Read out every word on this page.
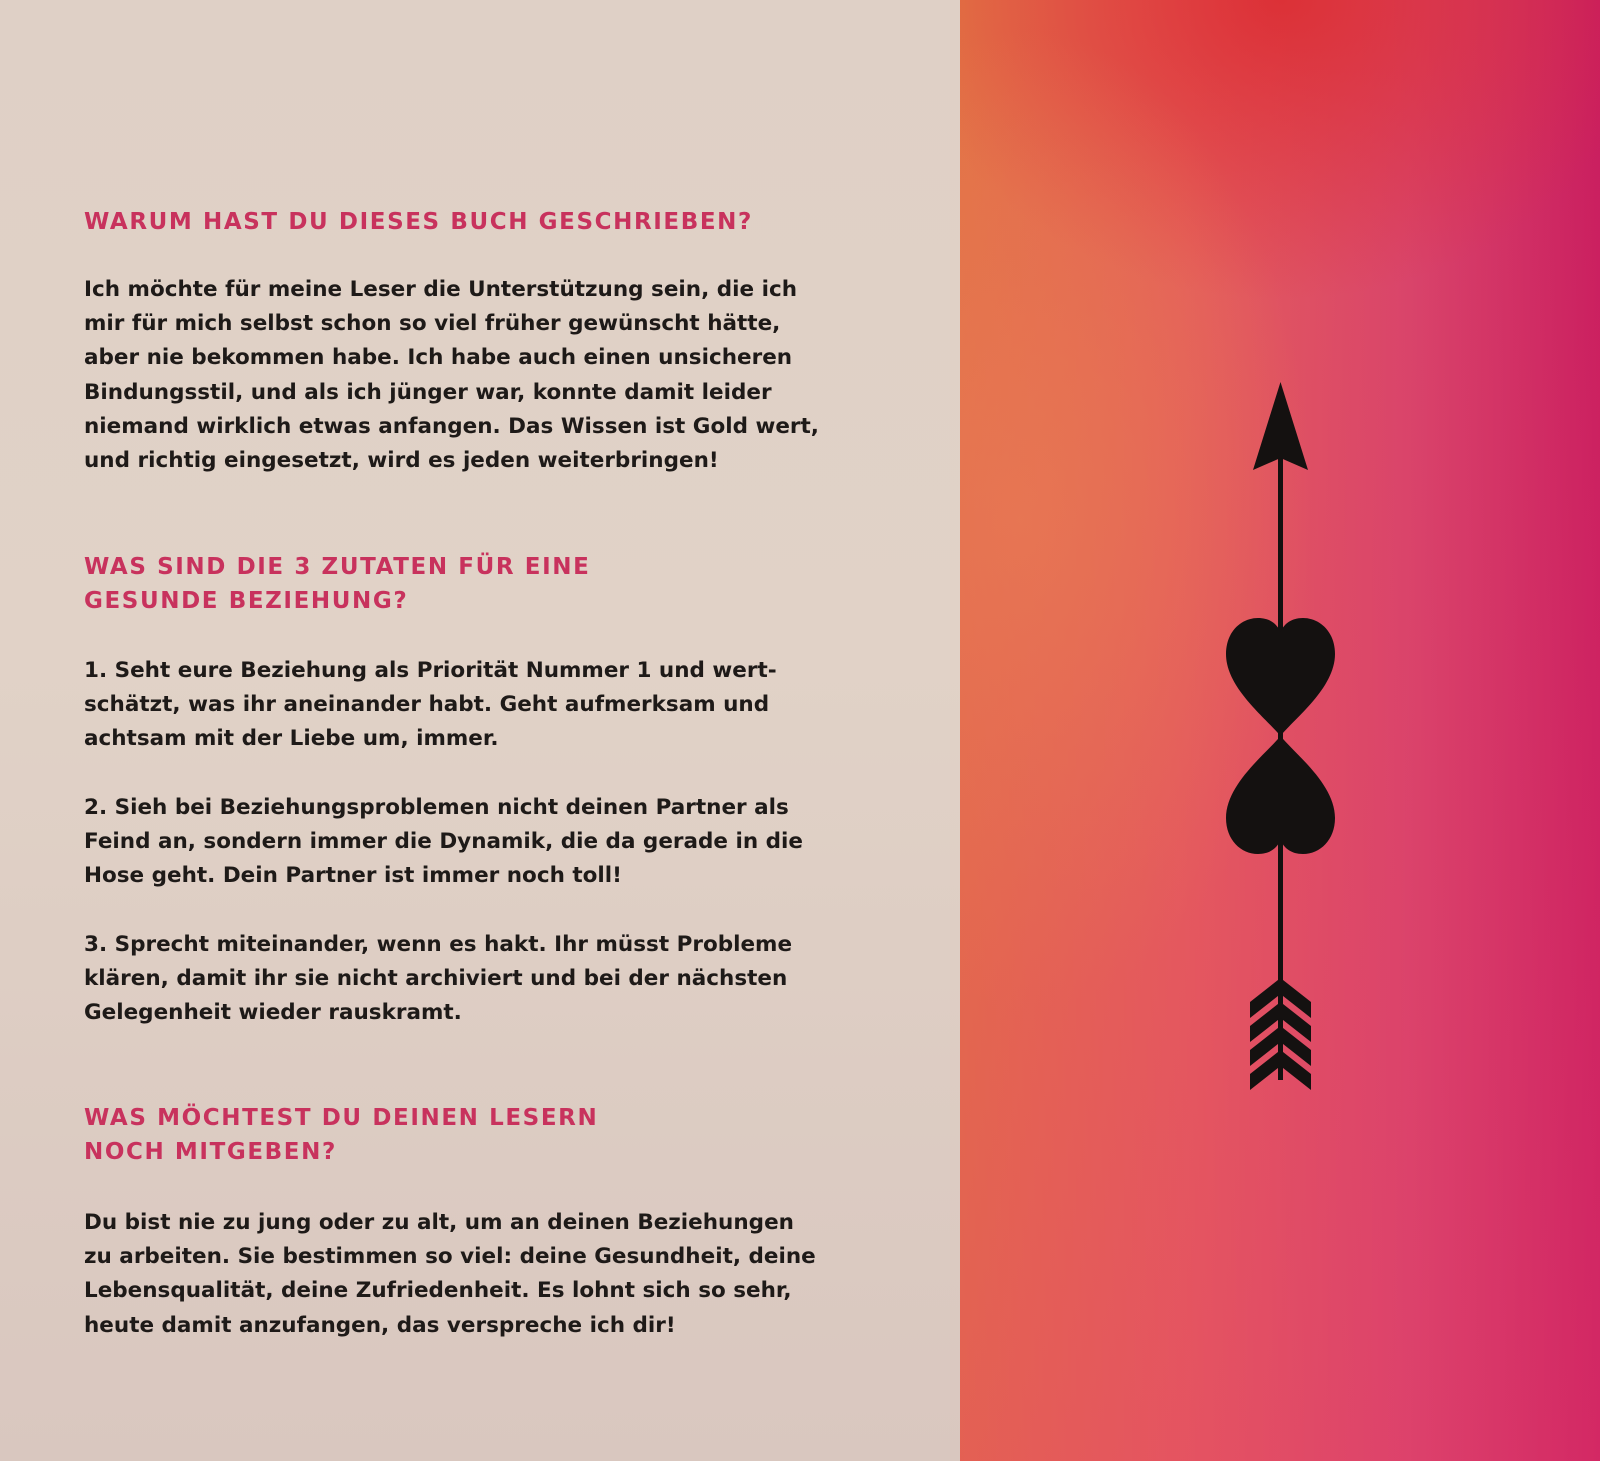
WARUM HAST DU DIESES BUCH GESCHRIEBEN?

Ich möchte für meine Leser die Unterstützung sein, die ich
mir für mich selbst schon so viel früher gewünscht hätte,
aber nie bekommen habe. Ich habe auch einen unsicheren
Bindungsstil, und als ich jünger war, konnte damit leider
niemand wirklich etwas anfangen. Das Wissen ist Gold wert,
und richtig eingesetzt, wird es jeden weiterbringen!

WAS SIND DIE 3 ZUTATEN FÜR EINE
GESUNDE BEZIEHUNG?

1. Seht eure Beziehung als Priorität Nummer 1 und wert-
schätzt, was ihr aneinander habt. Geht aufmerksam und
achtsam mit der Liebe um, immer.

2. Sieh bei Beziehungsproblemen nicht deinen Partner als
Feind an, sondern immer die Dynamik, die da gerade in die
Hose geht. Dein Partner ist immer noch toll!

3. Sprecht miteinander, wenn es hakt. Ihr müsst Probleme
klären, damit ihr sie nicht archiviert und bei der nächsten
Gelegenheit wieder rauskramt.

WAS MÖCHTEST DU DEINEN LESERN
NOCH MITGEBEN?

Du bist nie zu jung oder zu alt, um an deinen Beziehungen
zu arbeiten. Sie bestimmen so viel: deine Gesundheit, deine
Lebensqualität, deine Zufriedenheit. Es lohnt sich so sehr,
heute damit anzufangen, das verspreche ich dir!
